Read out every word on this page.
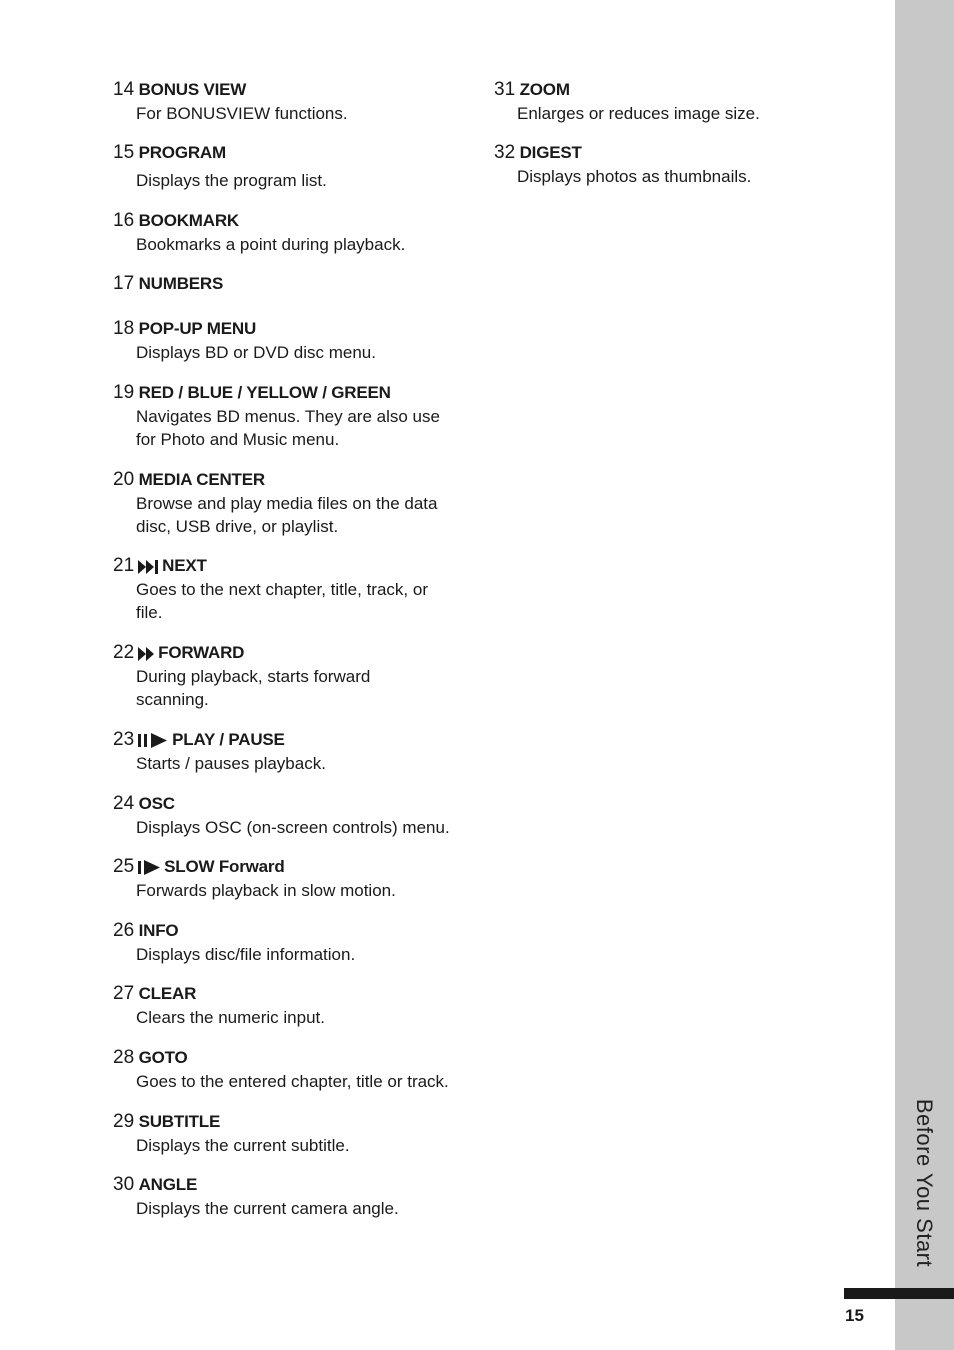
Before You Start
15
14 BONUS VIEW
For BONUSVIEW functions.
15 PROGRAM
Displays the program list.
16 BOOKMARK
Bookmarks a point during playback.
17 NUMBERS
18 POP-UP MENU
Displays BD or DVD disc menu.
19 RED / BLUE / YELLOW / GREEN
Navigates BD menus. They are also use
for Photo and Music menu.
20 MEDIA CENTER
Browse and play media files on the data
disc, USB drive, or playlist.
21 NEXT
Goes to the next chapter, title, track, or
file.
22 FORWARD
During playback, starts forward
scanning.
23 PLAY / PAUSE
Starts / pauses playback.
24 OSC
Displays OSC (on-screen controls) menu.
25 SLOW Forward
Forwards playback in slow motion.
26 INFO
Displays disc/file information.
27 CLEAR
Clears the numeric input.
28 GOTO
Goes to the entered chapter, title or track.
29 SUBTITLE
Displays the current subtitle.
30 ANGLE
Displays the current camera angle.
31 ZOOM
Enlarges or reduces image size.
32 DIGEST
Displays photos as thumbnails.
